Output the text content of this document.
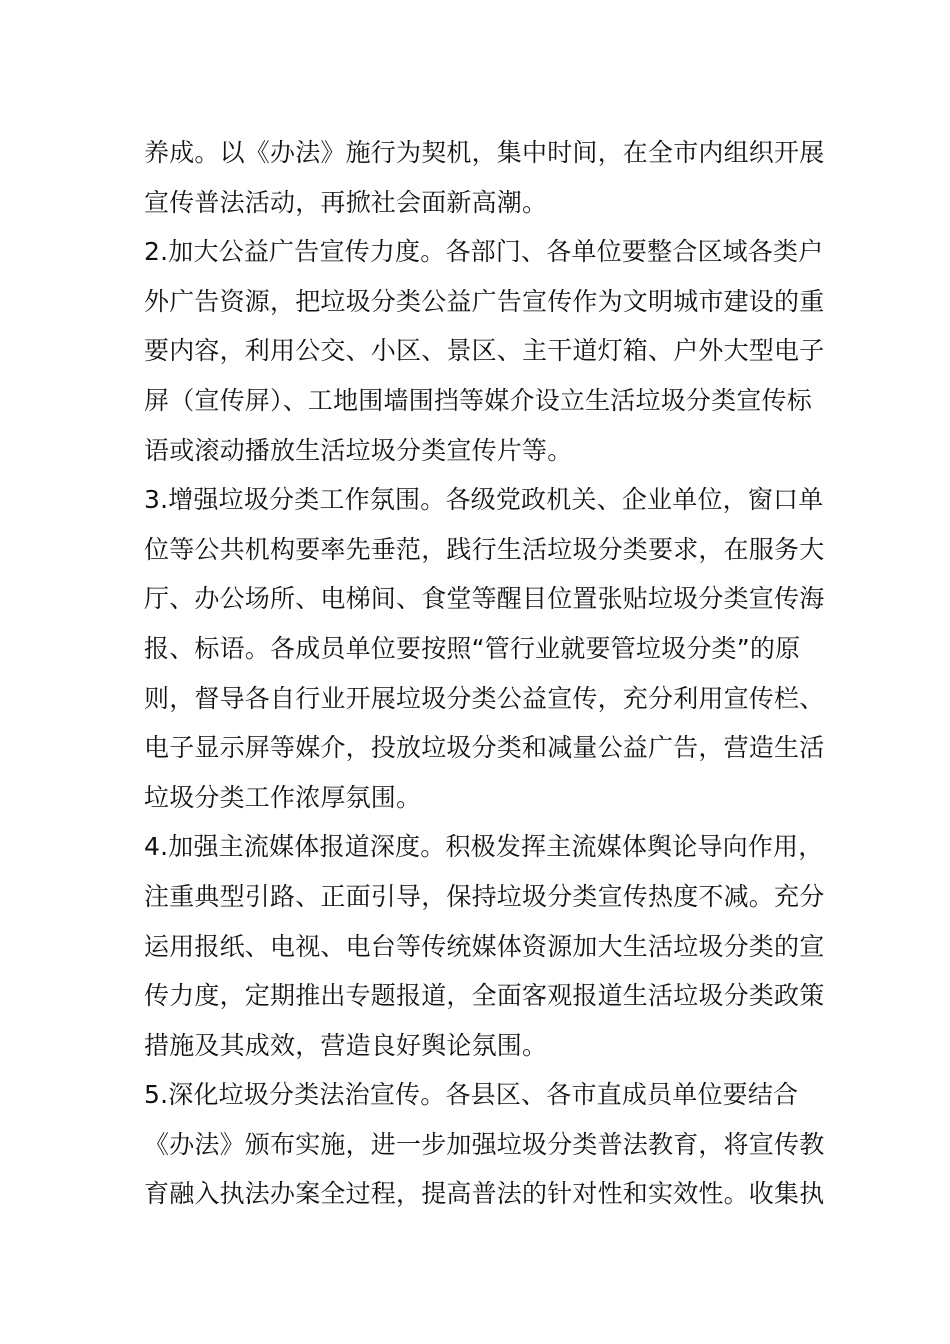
养成。以《办法》施行为契机，集中时间，在全市内组织开展
宣传普法活动，再掀社会面新高潮。
2.加大公益广告宣传力度。各部门、各单位要整合区域各类户
外广告资源，把垃圾分类公益广告宣传作为文明城市建设的重
要内容，利用公交、小区、景区、主干道灯箱、户外大型电子
屏（宣传屏）、工地围墙围挡等媒介设立生活垃圾分类宣传标
语或滚动播放生活垃圾分类宣传片等。
3.增强垃圾分类工作氛围。各级党政机关、企业单位，窗口单
位等公共机构要率先垂范，践行生活垃圾分类要求，在服务大
厅、办公场所、电梯间、食堂等醒目位置张贴垃圾分类宣传海
报、标语。各成员单位要按照“管行业就要管垃圾分类”的原
则，督导各自行业开展垃圾分类公益宣传，充分利用宣传栏、
电子显示屏等媒介，投放垃圾分类和减量公益广告，营造生活
垃圾分类工作浓厚氛围。
4.加强主流媒体报道深度。积极发挥主流媒体舆论导向作用，
注重典型引路、正面引导，保持垃圾分类宣传热度不减。充分
运用报纸、电视、电台等传统媒体资源加大生活垃圾分类的宣
传力度，定期推出专题报道，全面客观报道生活垃圾分类政策
措施及其成效，营造良好舆论氛围。
5.深化垃圾分类法治宣传。各县区、各市直成员单位要结合
《办法》颁布实施，进一步加强垃圾分类普法教育，将宣传教
育融入执法办案全过程，提高普法的针对性和实效性。收集执
